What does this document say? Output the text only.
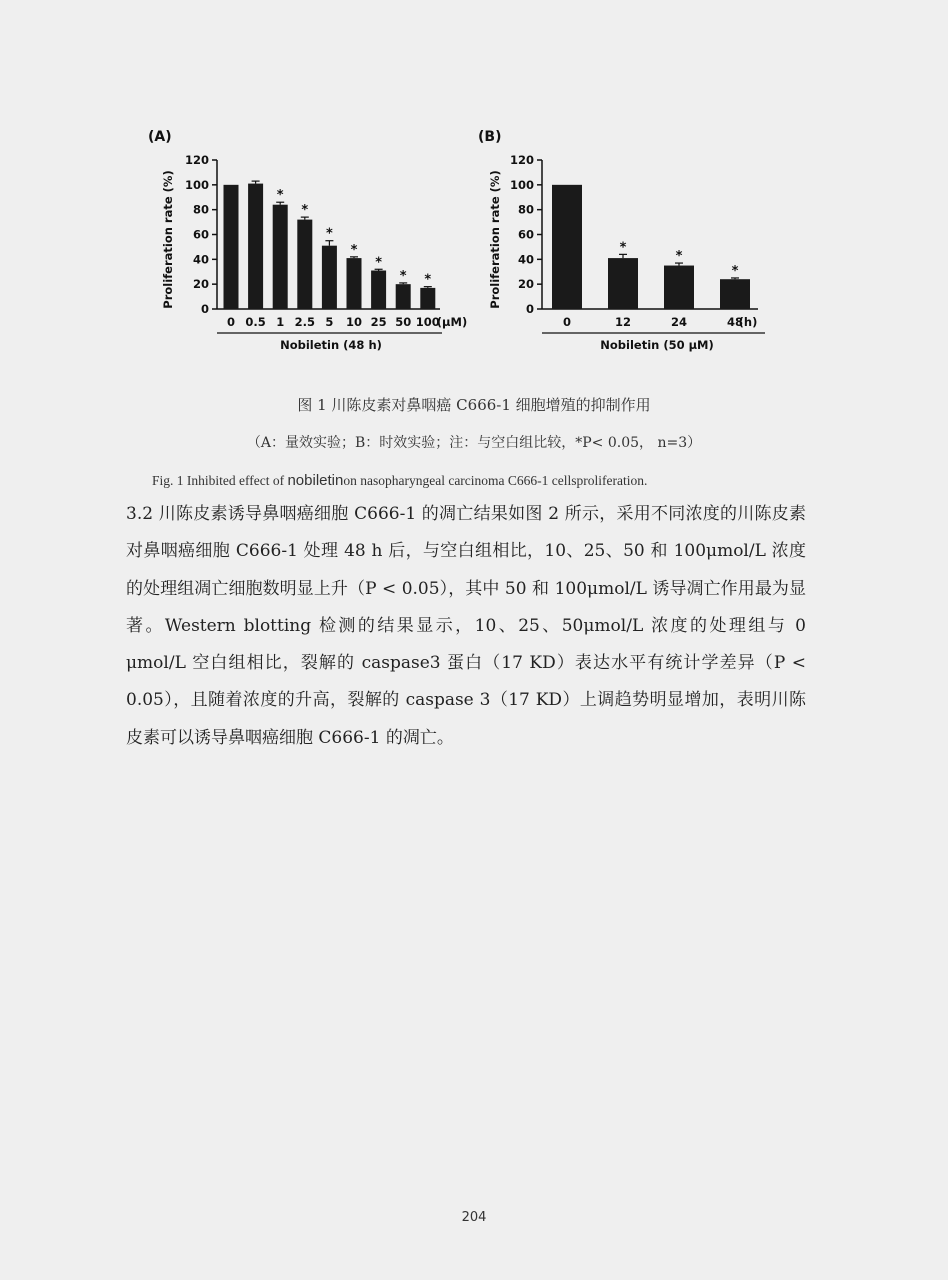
(A)
0
20
40
60
80
100
120
Proliferation rate (%)
0 0.5
*
1
*
2.5
*
5
*
10
*
25
*
50
*
100
(μM)
Nobiletin (48 h)
(B)
0
20
40
60
80
100
120
Proliferation rate (%)
0
*
12
*
24
*
48
(h)
Nobiletin (50 μM)
图 1 川陈皮素对鼻咽癌 C666-1 细胞增殖的抑制作用
（A：量效实验；B：时效实验；注：与空白组比较，*P< 0.05， n=3）
Fig. 1 Inhibited effect of nobiletinon nasopharyngeal carcinoma C666-1 cellsproliferation.

3.2 川陈皮素诱导鼻咽癌细胞 C666-1 的凋亡结果如图 2 所示，采用不同浓度的川陈皮素对鼻咽癌细胞 C666-1 处理 48 h 后，与空白组相比，10、25、50 和 100μmol/L 浓度的处理组凋亡细胞数明显上升（P < 0.05），其中 50 和 100μmol/L 诱导凋亡作用最为显著。Western blotting 检测的结果显示，10、25、50μmol/L 浓度的处理组与 0 μmol/L 空白组相比，裂解的 caspase3 蛋白（17 KD）表达水平有统计学差异（P < 0.05），且随着浓度的升高，裂解的 caspase 3（17 KD）上调趋势明显增加，表明川陈皮素可以诱导鼻咽癌细胞 C666-1 的凋亡。

204
